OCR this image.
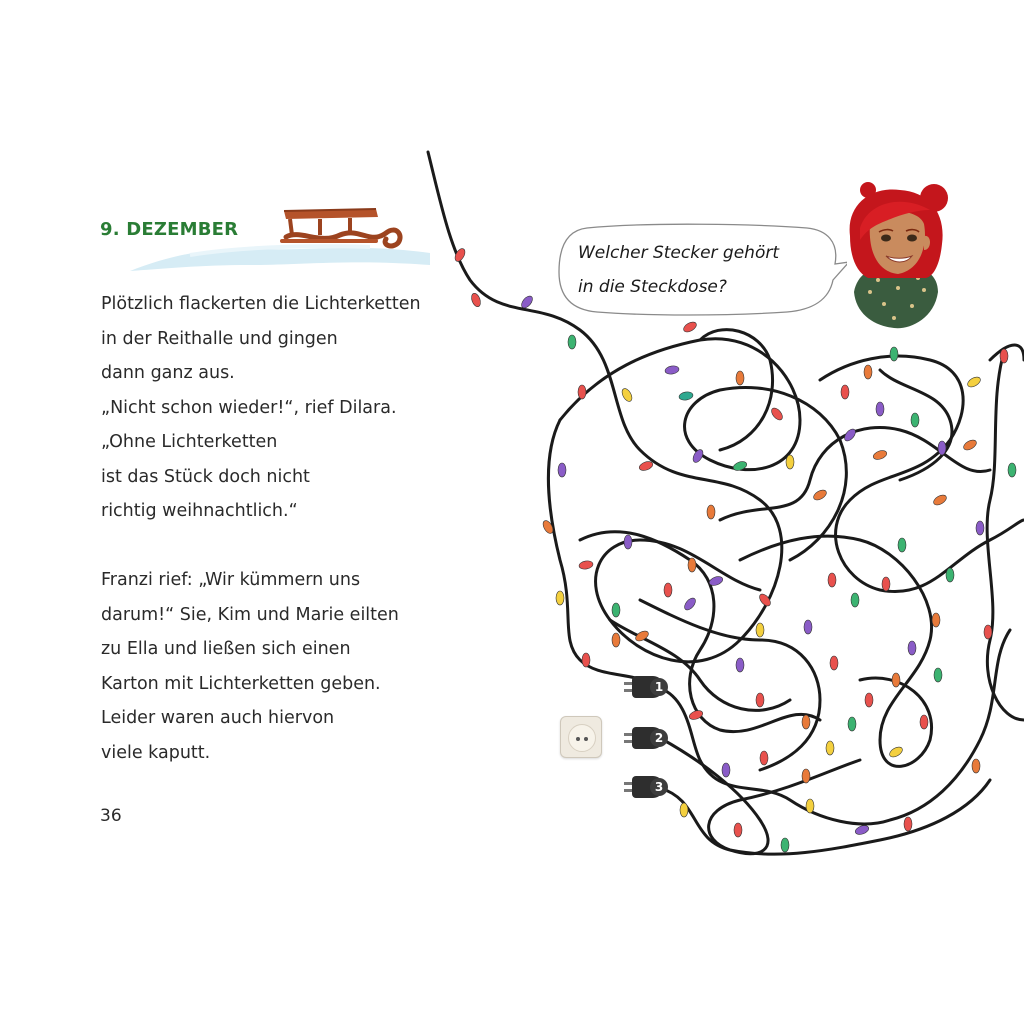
9. DEZEMBER
Plötzlich flackerten die Lichterketten
in der Reithalle und gingen
dann ganz aus.
„Nicht schon wieder!“, rief Dilara.
„Ohne Lichterketten
ist das Stück doch nicht
richtig weihnachtlich.“
Franzi rief: „Wir kümmern uns
darum!“ Sie, Kim und Marie eilten
zu Ella und ließen sich einen
Karton mit Lichterketten geben.
Leider waren auch hiervon
viele kaputt.
36
Welcher Stecker gehört
in die Steckdose?
1
2
3
